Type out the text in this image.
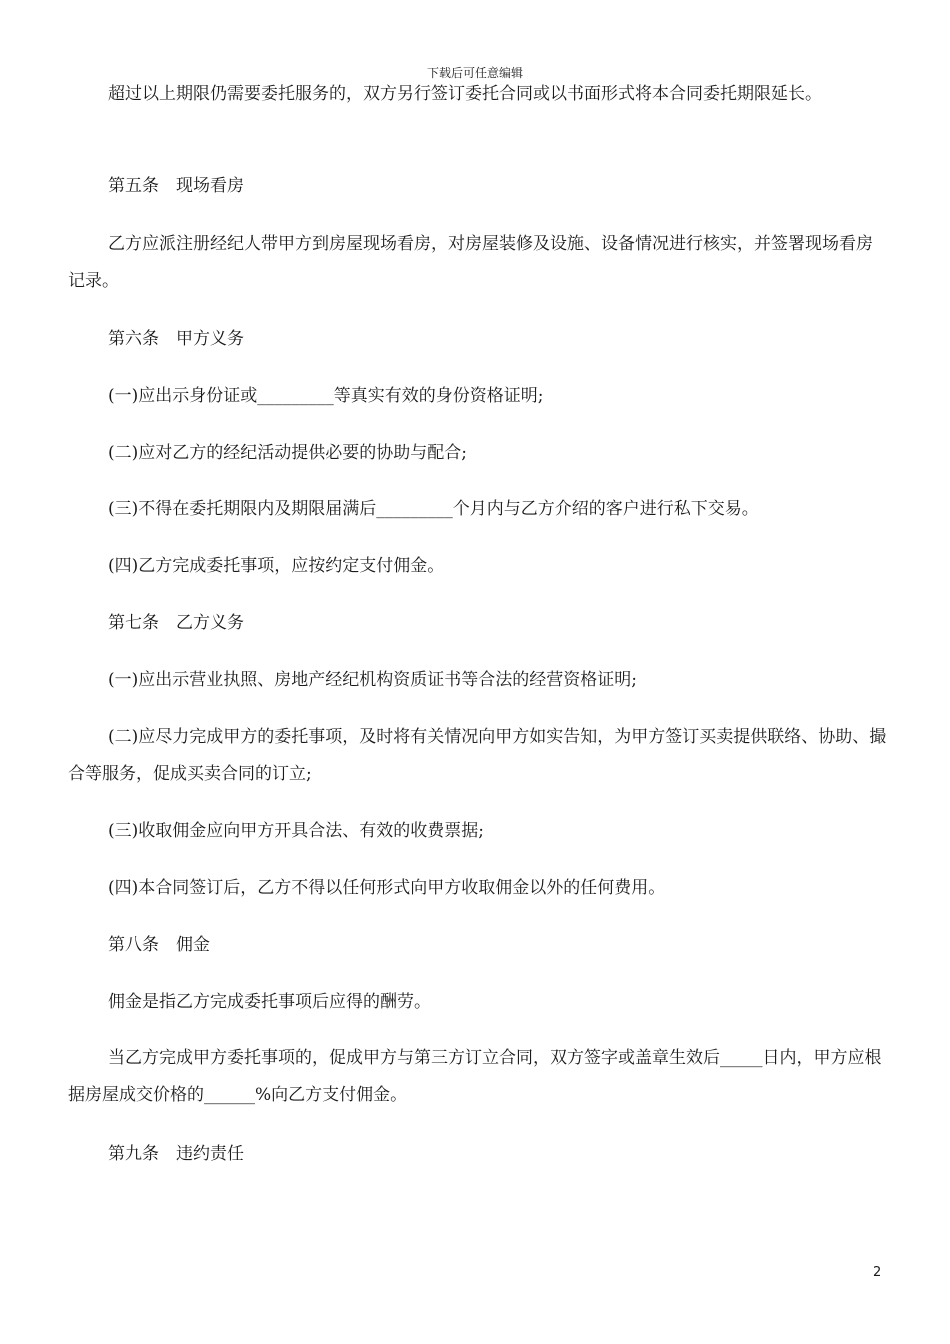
下载后可任意编辑
超过以上期限仍需要委托服务的，双方另行签订委托合同或以书面形式将本合同委托期限延长。
第五条　现场看房
乙方应派注册经纪人带甲方到房屋现场看房，对房屋装修及设施、设备情况进行核实，并签署现场看房记录。
第六条　甲方义务
(一)应出示身份证或_________等真实有效的身份资格证明;
(二)应对乙方的经纪活动提供必要的协助与配合;
(三)不得在委托期限内及期限届满后_________个月内与乙方介绍的客户进行私下交易。
(四)乙方完成委托事项，应按约定支付佣金。
第七条　乙方义务
(一)应出示营业执照、房地产经纪机构资质证书等合法的经营资格证明;
(二)应尽力完成甲方的委托事项，及时将有关情况向甲方如实告知，为甲方签订买卖提供联络、协助、撮合等服务，促成买卖合同的订立;
(三)收取佣金应向甲方开具合法、有效的收费票据;
(四)本合同签订后，乙方不得以任何形式向甲方收取佣金以外的任何费用。
第八条　佣金
佣金是指乙方完成委托事项后应得的酬劳。
当乙方完成甲方委托事项的，促成甲方与第三方订立合同，双方签字或盖章生效后_____日内，甲方应根据房屋成交价格的______%向乙方支付佣金。
第九条　违约责任
2
